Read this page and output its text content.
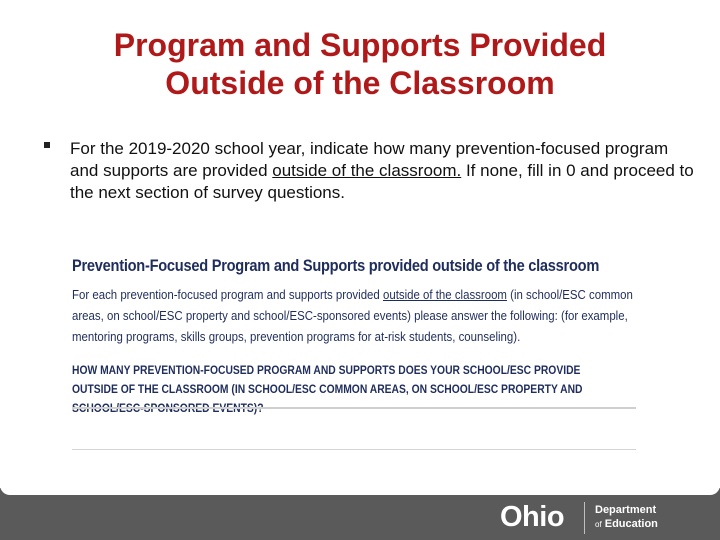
Program and Supports Provided
Outside of the Classroom
For the 2019-2020 school year, indicate how many prevention-focused program and supports are provided outside of the classroom. If none, fill in 0 and proceed to the next section of survey questions.
Prevention-Focused Program and Supports provided outside of the classroom
For each prevention-focused program and supports provided outside of the classroom (in school/ESC common areas, on school/ESC property and school/ESC-sponsored events) please answer the following: (for example, mentoring programs, skills groups, prevention programs for at-risk students, counseling).
HOW MANY PREVENTION-FOCUSED PROGRAM AND SUPPORTS DOES YOUR SCHOOL/ESC PROVIDE OUTSIDE OF THE CLASSROOM (IN SCHOOL/ESC COMMON AREAS, ON SCHOOL/ESC PROPERTY AND
Ohio	Department
of Education
